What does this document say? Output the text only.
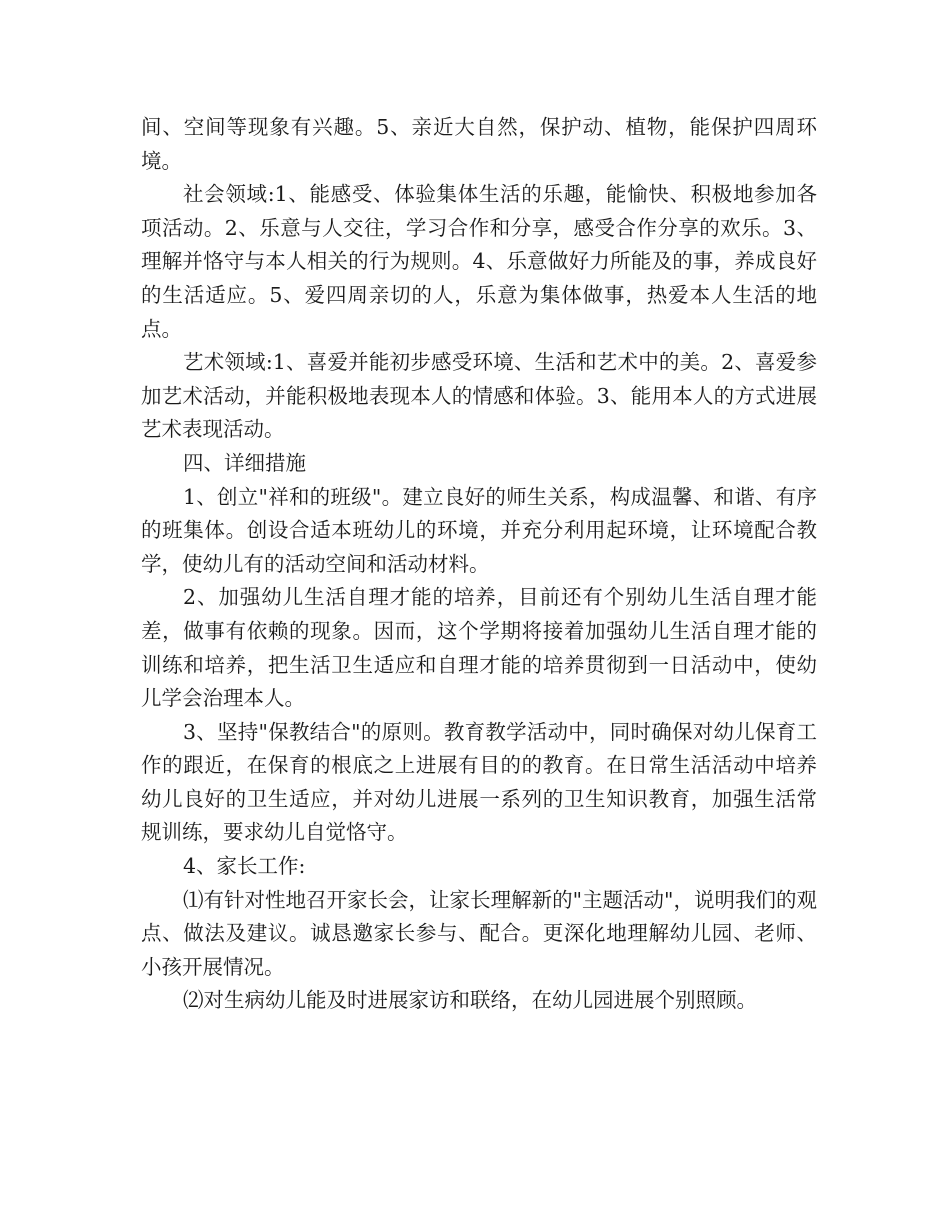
间、空间等现象有兴趣。5、亲近大自然，保护动、植物，能保护四周环境。

社会领域:1、能感受、体验集体生活的乐趣，能愉快、积极地参加各项活动。2、乐意与人交往，学习合作和分享，感受合作分享的欢乐。3、理解并恪守与本人相关的行为规则。4、乐意做好力所能及的事，养成良好的生活适应。5、爱四周亲切的人，乐意为集体做事，热爱本人生活的地点。

艺术领域:1、喜爱并能初步感受环境、生活和艺术中的美。2、喜爱参加艺术活动，并能积极地表现本人的情感和体验。3、能用本人的方式进展艺术表现活动。

四、详细措施

1、创立"祥和的班级"。建立良好的师生关系，构成温馨、和谐、有序的班集体。创设合适本班幼儿的环境，并充分利用起环境，让环境配合教学，使幼儿有的活动空间和活动材料。

2、加强幼儿生活自理才能的培养，目前还有个别幼儿生活自理才能差，做事有依赖的现象。因而，这个学期将接着加强幼儿生活自理才能的训练和培养，把生活卫生适应和自理才能的培养贯彻到一日活动中，使幼儿学会治理本人。

3、坚持"保教结合"的原则。教育教学活动中，同时确保对幼儿保育工作的跟近，在保育的根底之上进展有目的的教育。在日常生活活动中培养幼儿良好的卫生适应，并对幼儿进展一系列的卫生知识教育，加强生活常规训练，要求幼儿自觉恪守。

4、家长工作:

⑴有针对性地召开家长会，让家长理解新的"主题活动"，说明我们的观点、做法及建议。诚恳邀家长参与、配合。更深化地理解幼儿园、老师、小孩开展情况。

⑵对生病幼儿能及时进展家访和联络，在幼儿园进展个别照顾。
